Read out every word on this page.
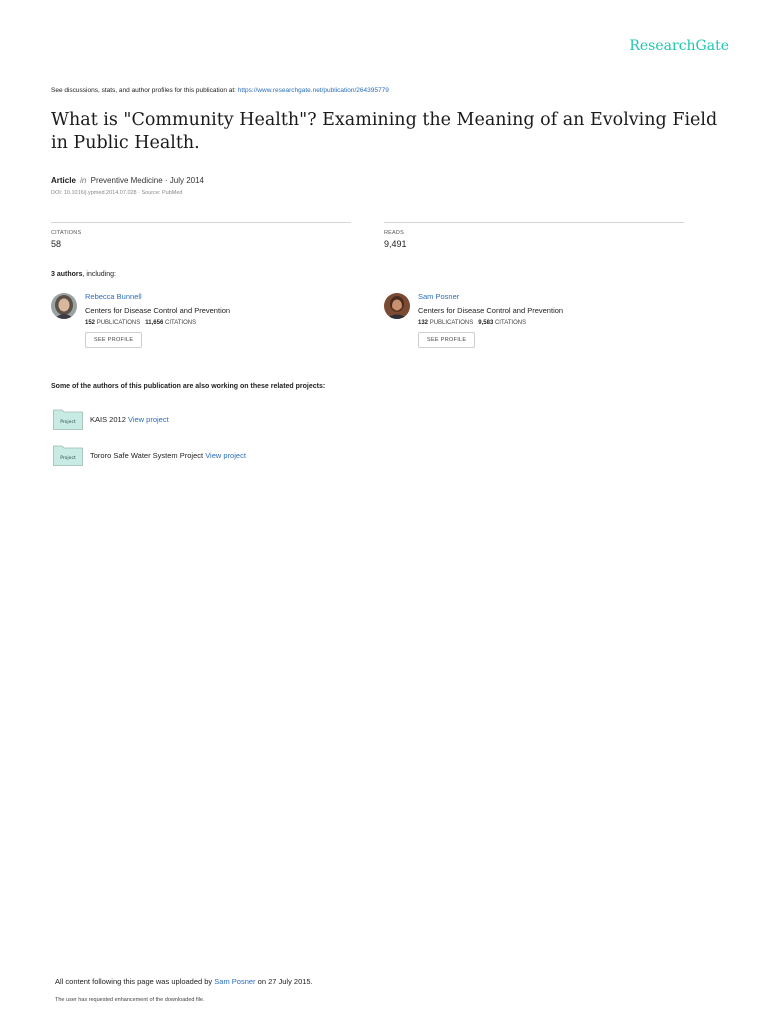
ResearchGate
See discussions, stats, and author profiles for this publication at: https://www.researchgate.net/publication/264395779
What is "Community Health"? Examining the Meaning of an Evolving Field in Public Health.
Article in Preventive Medicine · July 2014
DOI: 10.1016/j.ypmed.2014.07.028 · Source: PubMed
CITATIONS
58
READS
9,491
3 authors, including:
Rebecca Bunnell
Centers for Disease Control and Prevention
152 PUBLICATIONS 11,656 CITATIONS
SEE PROFILE
Sam Posner
Centers for Disease Control and Prevention
132 PUBLICATIONS 9,583 CITATIONS
SEE PROFILE
Some of the authors of this publication are also working on these related projects:
Project KAIS 2012 View project
Project Tororo Safe Water System Project View project
All content following this page was uploaded by Sam Posner on 27 July 2015.
The user has requested enhancement of the downloaded file.
